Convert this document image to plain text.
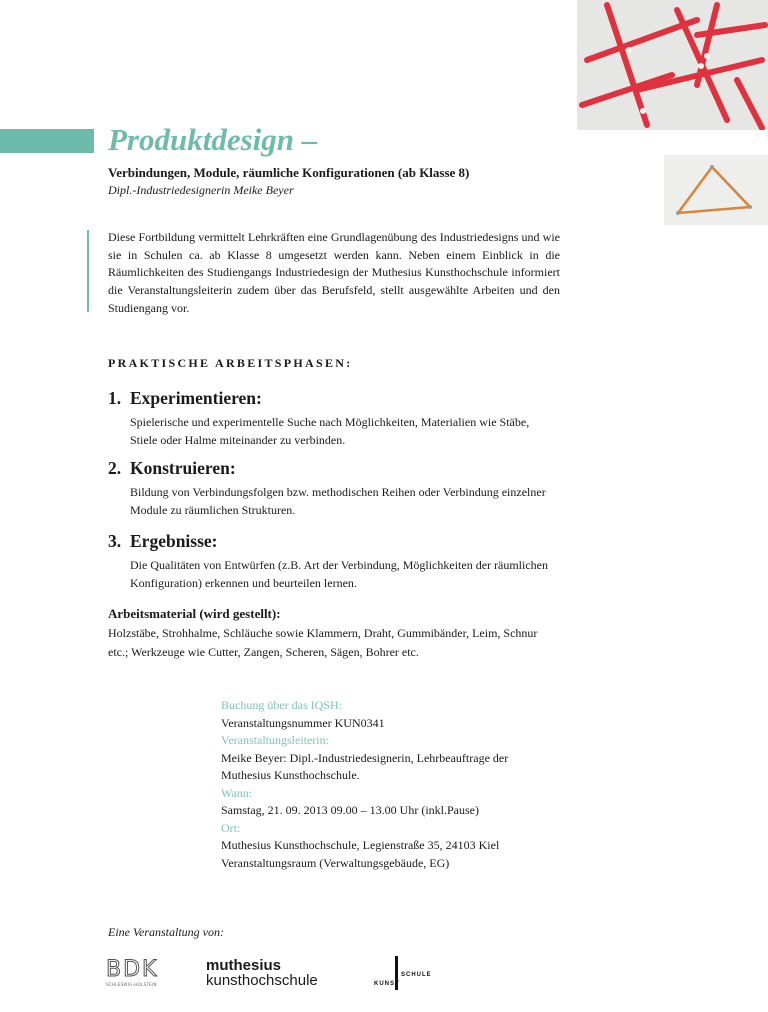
Produktdesign –
Verbindungen, Module, räumliche Konfigurationen (ab Klasse 8)
Dipl.-Industriedesignerin Meike Beyer

Diese Fortbildung vermittelt Lehrkräften eine Grundlagenübung des Industriedesigns und wie sie in Schulen ca. ab Klasse 8 umgesetzt werden kann. Neben einem Einblick in die Räumlichkeiten des Studiengangs Industriedesign der Muthesius Kunsthochschule informiert die Veranstaltungsleiterin zudem über das Berufsfeld, stellt ausgewählte Arbeiten und den Studiengang vor.

PRAKTISCHE ARBEITSPHASEN:
1. Experimentieren:
Spielerische und experimentelle Suche nach Möglichkeiten, Materialien wie Stäbe, Stiele oder Halme miteinander zu verbinden.
2. Konstruieren:
Bildung von Verbindungsfolgen bzw. methodischen Reihen oder Verbindung einzelner Module zu räumlichen Strukturen.
3. Ergebnisse:
Die Qualitäten von Entwürfen (z.B. Art der Verbindung, Möglichkeiten der räumlichen Konfiguration) erkennen und beurteilen lernen.
Arbeitsmaterial (wird gestellt):

Holzstäbe, Strohhalme, Schläuche sowie Klammern, Draht, Gummibänder, Leim, Schnur etc.; Werkzeuge wie Cutter, Zangen, Scheren, Sägen, Bohrer etc.

Buchung über das IQSH:
Veranstaltungsnummer KUN0341
Veranstaltungsleiterin:
Meike Beyer: Dipl.-Industriedesignerin, Lehrbeauftrage der
Muthesius Kunsthochschule.
Wann:
Samstag, 21. 09. 2013 09.00 – 13.00 Uhr (inkl.Pause)
Ort:
Muthesius Kunsthochschule, Legienstraße 35, 24103 Kiel
Veranstaltungsraum (Verwaltungsgebäude, EG)
Eine Veranstaltung von:
BDK
SCHLESWIG-HOLSTEIN
muthesius
kunsthochschule	SCHULE
KUNST
